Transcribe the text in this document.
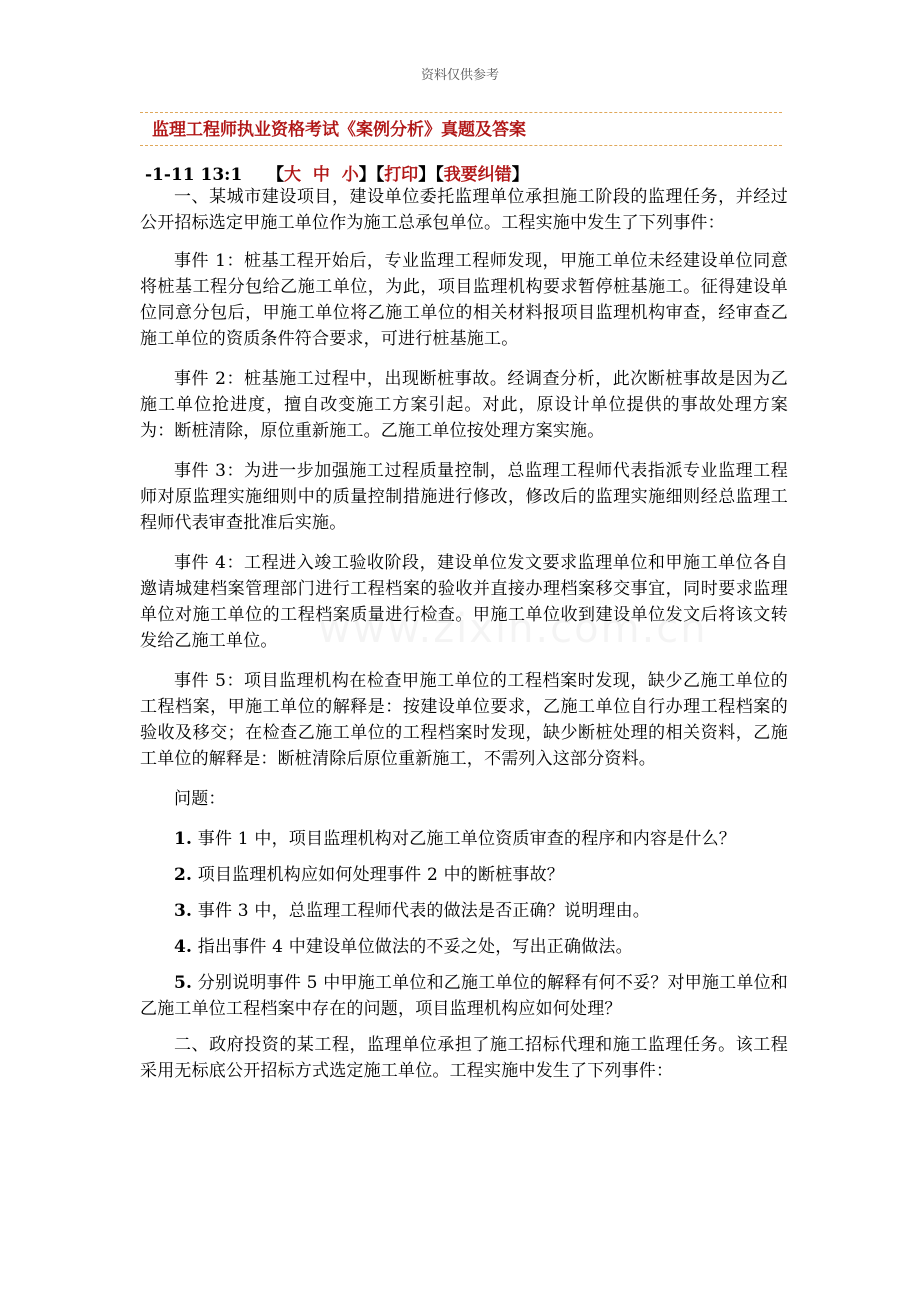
资料仅供参考
监理工程师执业资格考试《案例分析》真题及答案
-1-11 13:1 【大 中 小】【打印】【我要纠错】

一、某城市建设项目，建设单位委托监理单位承担施工阶段的监理任务，并经过公开招标选定甲施工单位作为施工总承包单位。工程实施中发生了下列事件：

事件 1：桩基工程开始后，专业监理工程师发现，甲施工单位未经建设单位同意将桩基工程分包给乙施工单位，为此，项目监理机构要求暂停桩基施工。征得建设单位同意分包后，甲施工单位将乙施工单位的相关材料报项目监理机构审查，经审查乙施工单位的资质条件符合要求，可进行桩基施工。

事件 2：桩基施工过程中，出现断桩事故。经调查分析，此次断桩事故是因为乙施工单位抢进度，擅自改变施工方案引起。对此，原设计单位提供的事故处理方案为：断桩清除，原位重新施工。乙施工单位按处理方案实施。

事件 3：为进一步加强施工过程质量控制，总监理工程师代表指派专业监理工程师对原监理实施细则中的质量控制措施进行修改，修改后的监理实施细则经总监理工程师代表审查批准后实施。

事件 4：工程进入竣工验收阶段，建设单位发文要求监理单位和甲施工单位各自邀请城建档案管理部门进行工程档案的验收并直接办理档案移交事宜，同时要求监理单位对施工单位的工程档案质量进行检查。甲施工单位收到建设单位发文后将该文转发给乙施工单位。

事件 5：项目监理机构在检查甲施工单位的工程档案时发现，缺少乙施工单位的工程档案，甲施工单位的解释是：按建设单位要求，乙施工单位自行办理工程档案的验收及移交；在检查乙施工单位的工程档案时发现，缺少断桩处理的相关资料，乙施工单位的解释是：断桩清除后原位重新施工，不需列入这部分资料。

问题：

1. 事件 1 中，项目监理机构对乙施工单位资质审查的程序和内容是什么？

2. 项目监理机构应如何处理事件 2 中的断桩事故？

3. 事件 3 中，总监理工程师代表的做法是否正确？说明理由。

4. 指出事件 4 中建设单位做法的不妥之处，写出正确做法。

5. 分别说明事件 5 中甲施工单位和乙施工单位的解释有何不妥？对甲施工单位和乙施工单位工程档案中存在的问题，项目监理机构应如何处理？

二、政府投资的某工程，监理单位承担了施工招标代理和施工监理任务。该工程采用无标底公开招标方式选定施工单位。工程实施中发生了下列事件：
